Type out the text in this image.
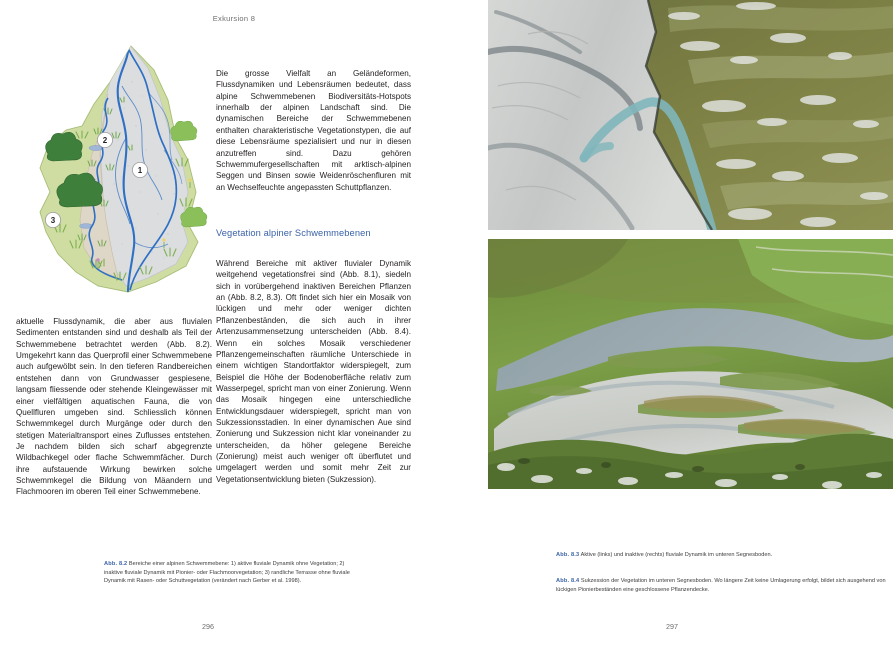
Exkursion 8
1
2
3

Die grosse Vielfalt an Geländeformen, Flussdynamiken und Lebensräumen bedeutet, dass alpine Schwemmebenen Biodiversitäts-Hotspots innerhalb der alpinen Landschaft sind. Die dynamischen Bereiche der Schwemmebenen enthalten charakteristische Vegetationstypen, die auf diese Lebensräume spezialisiert und nur in diesen anzutreffen sind. Dazu gehören Schwemmufergesellschaften mit arktisch-alpinen Seggen und Binsen sowie Weidenröschenfluren mit an Wechselfeuchte angepassten Schuttpflanzen.

Vegetation alpiner Schwemmebenen

Während Bereiche mit aktiver fluvialer Dynamik weitgehend vegetationsfrei sind (Abb. 8.1), siedeln sich in vorübergehend inaktiven Bereichen Pflanzen an (Abb. 8.2, 8.3). Oft findet sich hier ein Mosaik von lückigen und mehr oder weniger dichten Pflanzenbeständen, die sich auch in ihrer Artenzusammensetzung unterscheiden (Abb. 8.4). Wenn ein solches Mosaik verschiedener Pflanzengemeinschaften räumliche Unterschiede in einem wichtigen Standortfaktor widerspiegelt, zum Beispiel die Höhe der Bodenoberfläche relativ zum Wasserpegel, spricht man von einer Zonierung. Wenn das Mosaik hingegen eine unterschiedliche Entwicklungsdauer widerspiegelt, spricht man von Sukzessionsstadien. In einer dynamischen Aue sind Zonierung und Sukzession nicht klar voneinander zu unterscheiden, da höher gelegene Bereiche (Zonierung) meist auch weniger oft überflutet und umgelagert werden und somit mehr Zeit zur Vegetationsentwicklung bieten (Sukzession).

aktuelle Flussdynamik, die aber aus fluvialen Sedimenten entstanden sind und deshalb als Teil der Schwemmebene betrachtet werden (Abb. 8.2). Umgekehrt kann das Querprofil einer Schwemmebene auch aufgewölbt sein. In den tieferen Randbereichen entstehen dann von Grundwasser gespiesene, langsam fliessende oder stehende Kleingewässer mit einer vielfältigen aquatischen Fauna, die von Quellfluren umgeben sind. Schliesslich können Schwemmkegel durch Murgänge oder durch den stetigen Materialtransport eines Zuflusses entstehen. Je nachdem bilden sich scharf abgegrenzte Wildbachkegel oder flache Schwemmfächer. Durch ihre aufstauende Wirkung bewirken solche Schwemmkegel die Bildung von Mäandern und Flachmooren im oberen Teil einer Schwemmebene.

Abb. 8.2 Bereiche einer alpinen Schwemmebene: 1) aktive fluviale Dynamik ohne Vegetation; 2) inaktive fluviale Dynamik mit Pionier- oder Flachmoorvegetation; 3) randliche Terrasse ohne fluviale Dynamik mit Rasen- oder Schuttvegetation (verändert nach Gerber et al. 1998).
296
Abb. 8.3 Aktive (links) und inaktive (rechts) fluviale Dynamik im unteren Segnesboden.
Abb. 8.4 Sukzession der Vegetation im unteren Segnesboden. Wo längere Zeit keine Umlagerung erfolgt, bildet sich ausgehend von lückigen Pionierbeständen eine geschlossene Pflanzendecke.
297
